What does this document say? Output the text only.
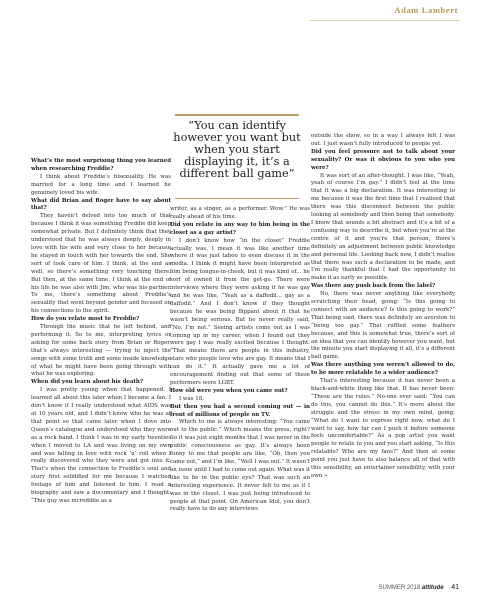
Adam Lambert
“You can identify however you want but when you start displaying it, it’s a different ball game”
What’s the most surprising thing you learned when researching Freddie?
I think about Freddie’s bisexuality. He was married for a long time and I learned he genuinely loved his wife.
What did Brian and Roger have to say about that?
They haven’t delved into too much of that because I think it was something Freddie did keep somewhat private. But I definitely think that they understood that he was always deeply, deeply in love with his wife and very close to her because he stayed in touch with her towards the end. She sort of took care of him. I think, at the end as well, so there’s something very touching there. But then, at the same time, I think at the end of his life he was also with Jim, who was his partner. To me, there’s something about Freddie’s sexuality that went beyond gender and focused on his connections to the spirit.
How do you relate most to Freddie?
Through the music that he left behind, and performing it. So to me, interpreting lyrics or asking for some back story from Brian or Roger, that’s always interesting — trying to inject the songs with some truth and some inside knowledge of what he might have been going through with what he was exploring.
When did you learn about his death?
I was pretty young when that happened. I learned all about this later when I became a fan. I don’t know if I really understood what AIDS was at 10 years old, and I didn’t know who he was at that point so that came later when I dove into Queen’s catalogue and understood who they were as a rock band. I think I was in my early twenties when I moved to LA and was living on my own and was falling in love with rock ’n’ roll when I really discovered who they were and got into it. That’s when the connection to Freddie’s soul and story first solidified for me because I watched footage of him and listened to him. I read a biography and saw a documentary and I thought: “This guy was incredible as a
writer, as a singer, as a performer. Wow.” He was really ahead of his time.
Did you relate in any way to him being in the closet as a gay artist?
I don’t know how “in the closet” Freddie actually was. I mean it was like another time where it was just taboo to even discuss it in the media. I think it might have been interpreted as him being tongue-in-cheek, but it was kind of... he sort of owned it from the get-go. There were interviews where they were asking if he was gay and he was like, “Yeah as a daffodil... gay as a daffodil.” And I don’t know if they thought because he was being flippant about it that he wasn’t being serious. But he never really said, “No, I’m not.” Seeing artists come out as I was coming up in my career, when I found out they were gay I was really excited because I thought: “That means there are people in this industry, stars who people love who are gay. It means that I can do it.” It actually gave me a lot of encouragement finding out that some of these performers were LGBT.
How old were you when you came out?
I was 18.
But then you had a second coming out — in front of millions of people on TV.
Which to me is always interesting: “You came out to the public.” Which means the press, right? So it was just eight months that I was never in the public consciousness as gay. It’s always been funny to me that people are like, “Oh, then you came out,” and I’m like, “Well I was out.” It wasn’t an issue until I had to come out again. What was it like to be in the public eye? That was such an interesting experience. It never felt to me as if I was in the closet. I was just being introduced to people at that point. On American Idol, you don’t really have to do any interviews
outside the show, so in a way I always felt I was out. I just wasn’t fully introduced to people yet.
Did you feel pressure not to talk about your sexuality? Or was it obvious to you who you were?
It was sort of an after-thought. I was like, “Yeah, yeah of course I’m gay.” I didn’t feel at the time that it was a big declaration. It was interesting to me because it was the first time that I realised that there was this disconnect between the public looking at somebody and then being that somebody. I know that sounds a bit abstract and it’s a bit of a confusing way to describe it, but when you’re at the centre of it and you’re that person, there’s definitely an adjustment between public knowledge and personal life. Looking back now, I didn’t realise that there was such a declaration to be made, and I’m really thankful that I had the opportunity to make it as early as possible.
Was there any push back from the label?
No, there was never anything like everybody scratching their head, going: “Is this going to connect with an audience? Is this going to work?” That being said, there was definitely an aversion to “being too gay.” That ruffled some feathers because, and this is somewhat true, there’s sort of an idea that you can identify however you want, but the minute you start displaying it all, it’s a different ball game.
Was there anything you weren’t allowed to do, to be more relatable to a wider audience?
That’s interesting because it has never been a black-and-white thing like that. It has never been: “These are the rules.” No-one ever said: “You can do this, you cannot do this.” It’s more about the struggle and the stress in my own mind, going: “What do I want to express right now, what do I want to say, how far can I push it before someone feels uncomfortable?” As a pop artist you want people to relate to you and you start asking, “Is this relatable? Who are my fans?” And then at some point you just have to also balance all of that with this sensibility, an entertainer sensibility, with your own »
SUMMER 2018 attitude 41
